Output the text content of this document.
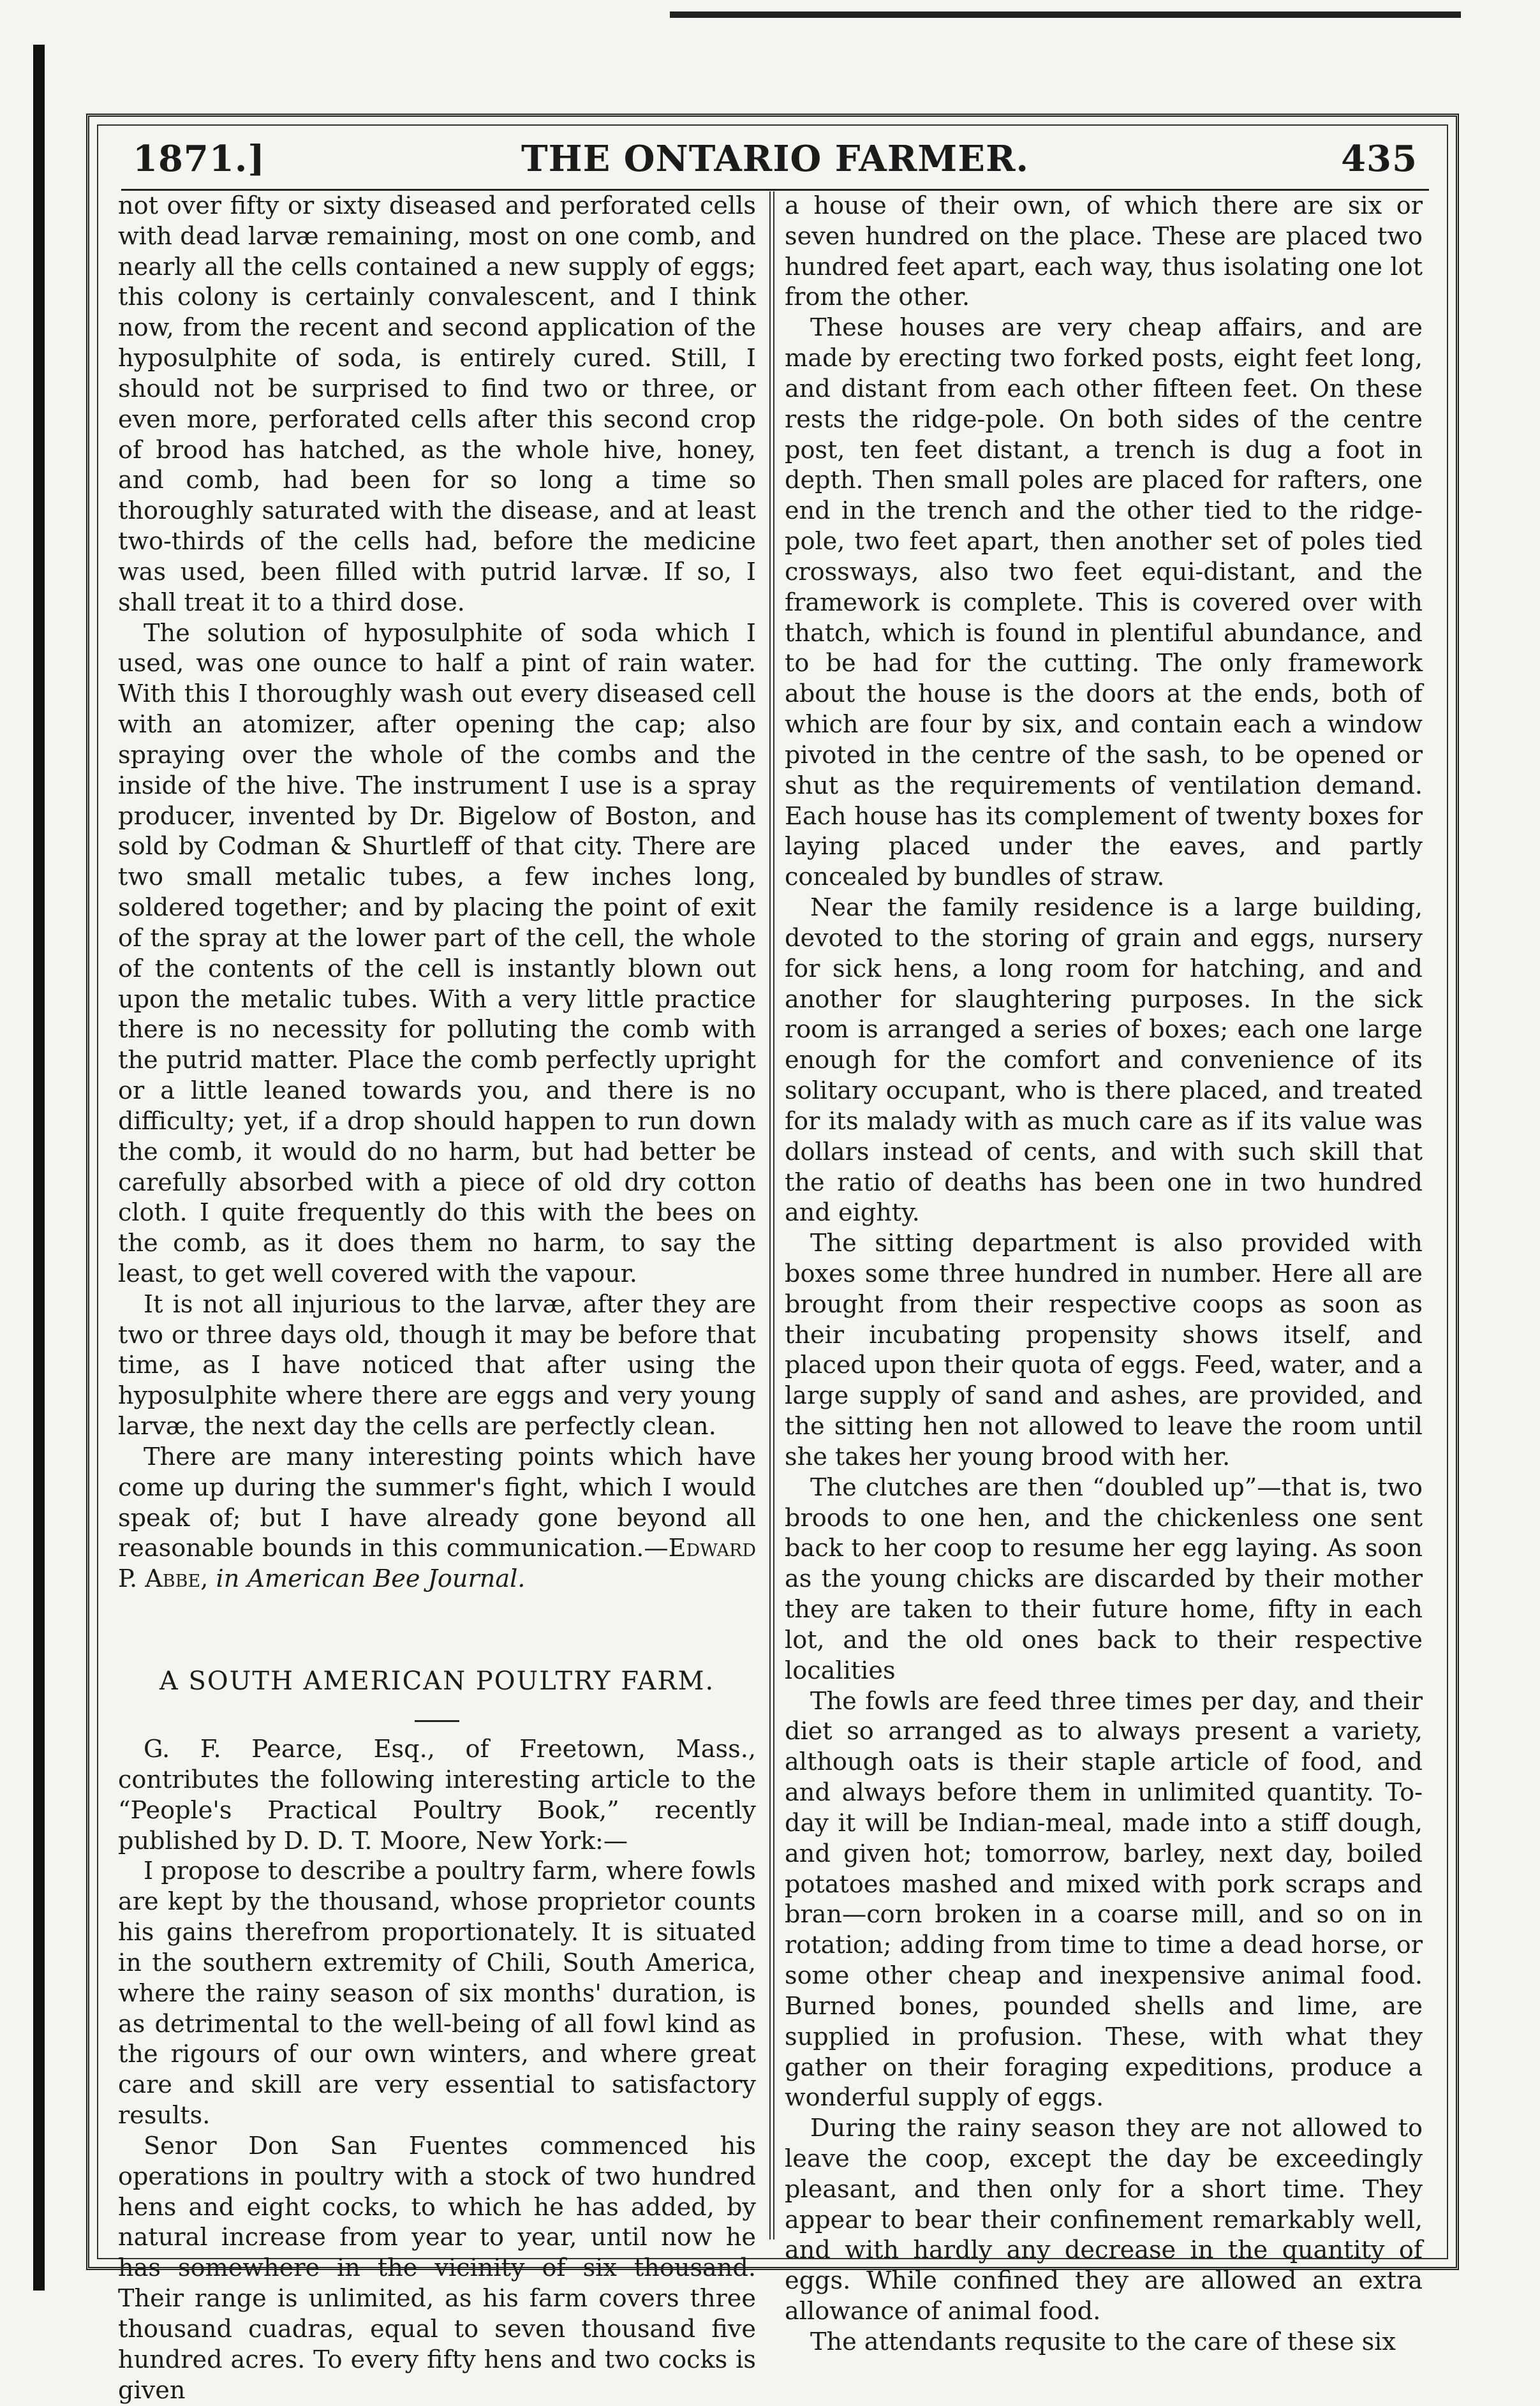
THE ONTARIO FARMER.
1871.]	435

not over fifty or sixty diseased and perforated cells with dead larvæ remaining, most on one comb, and nearly all the cells contained a new supply of eggs; this colony is certainly convalescent, and I think now, from the recent and second application of the hyposulphite of soda, is entirely cured. Still, I should not be surprised to find two or three, or even more, perforated cells after this second crop of brood has hatched, as the whole hive, honey, and comb, had been for so long a time so thoroughly saturated with the disease, and at least two-thirds of the cells had, before the medicine was used, been filled with putrid larvæ. If so, I shall treat it to a third dose.

The solution of hyposulphite of soda which I used, was one ounce to half a pint of rain water. With this I thoroughly wash out every diseased cell with an atomizer, after opening the cap; also spraying over the whole of the combs and the inside of the hive. The instrument I use is a spray producer, invented by Dr. Bigelow of Boston, and sold by Codman & Shurtleff of that city. There are two small metalic tubes, a few inches long, soldered together; and by placing the point of exit of the spray at the lower part of the cell, the whole of the contents of the cell is instantly blown out upon the metalic tubes. With a very little practice there is no necessity for polluting the comb with the putrid matter. Place the comb perfectly upright or a little leaned towards you, and there is no difficulty; yet, if a drop should happen to run down the comb, it would do no harm, but had better be carefully absorbed with a piece of old dry cotton cloth. I quite frequently do this with the bees on the comb, as it does them no harm, to say the least, to get well covered with the vapour.

It is not all injurious to the larvæ, after they are two or three days old, though it may be before that time, as I have noticed that after using the hyposulphite where there are eggs and very young larvæ, the next day the cells are perfectly clean.

There are many interesting points which have come up during the summer's fight, which I would speak of; but I have already gone beyond all reasonable bounds in this communication.—Edward P. Abbe, in American Bee Journal.

A SOUTH AMERICAN POULTRY FARM.

G. F. Pearce, Esq., of Freetown, Mass., contributes the following interesting article to the “People's Practical Poultry Book,” recently published by D. D. T. Moore, New York:—

I propose to describe a poultry farm, where fowls are kept by the thousand, whose proprietor counts his gains therefrom proportionately. It is situated in the southern extremity of Chili, South America, where the rainy season of six months' duration, is as detrimental to the well-being of all fowl kind as the rigours of our own winters, and where great care and skill are very essential to satisfactory results.

Senor Don San Fuentes commenced his operations in poultry with a stock of two hundred hens and eight cocks, to which he has added, by natural increase from year to year, until now he has somewhere in the vicinity of six thousand. Their range is unlimited, as his farm covers three thousand cuadras, equal to seven thousand five hundred acres. To every fifty hens and two cocks is given

a house of their own, of which there are six or seven hundred on the place. These are placed two hundred feet apart, each way, thus isolating one lot from the other.

These houses are very cheap affairs, and are made by erecting two forked posts, eight feet long, and distant from each other fifteen feet. On these rests the ridge-pole. On both sides of the centre post, ten feet distant, a trench is dug a foot in depth. Then small poles are placed for rafters, one end in the trench and the other tied to the ridge-pole, two feet apart, then another set of poles tied crossways, also two feet equi-distant, and the framework is complete. This is covered over with thatch, which is found in plentiful abundance, and to be had for the cutting. The only framework about the house is the doors at the ends, both of which are four by six, and contain each a window pivoted in the centre of the sash, to be opened or shut as the requirements of ventilation demand. Each house has its complement of twenty boxes for laying placed under the eaves, and partly concealed by bundles of straw.

Near the family residence is a large building, devoted to the storing of grain and eggs, nursery for sick hens, a long room for hatching, and and another for slaughtering purposes. In the sick room is arranged a series of boxes; each one large enough for the comfort and convenience of its solitary occupant, who is there placed, and treated for its malady with as much care as if its value was dollars instead of cents, and with such skill that the ratio of deaths has been one in two hundred and eighty.

The sitting department is also provided with boxes some three hundred in number. Here all are brought from their respective coops as soon as their incubating propensity shows itself, and placed upon their quota of eggs. Feed, water, and a large supply of sand and ashes, are provided, and the sitting hen not allowed to leave the room until she takes her young brood with her.

The clutches are then “doubled up”—that is, two broods to one hen, and the chickenless one sent back to her coop to resume her egg laying. As soon as the young chicks are discarded by their mother they are taken to their future home, fifty in each lot, and the old ones back to their respective localities

The fowls are feed three times per day, and their diet so arranged as to always present a variety, although oats is their staple article of food, and and always before them in unlimited quantity. To-day it will be Indian-meal, made into a stiff dough, and given hot; tomorrow, barley, next day, boiled potatoes mashed and mixed with pork scraps and bran—corn broken in a coarse mill, and so on in rotation; adding from time to time a dead horse, or some other cheap and inexpensive animal food. Burned bones, pounded shells and lime, are supplied in profusion. These, with what they gather on their foraging expeditions, produce a wonderful supply of eggs.

During the rainy season they are not allowed to leave the coop, except the day be exceedingly pleasant, and then only for a short time. They appear to bear their confinement remarkably well, and with hardly any decrease in the quantity of eggs. While confined they are allowed an extra allowance of animal food.

The attendants requsite to the care of these six
